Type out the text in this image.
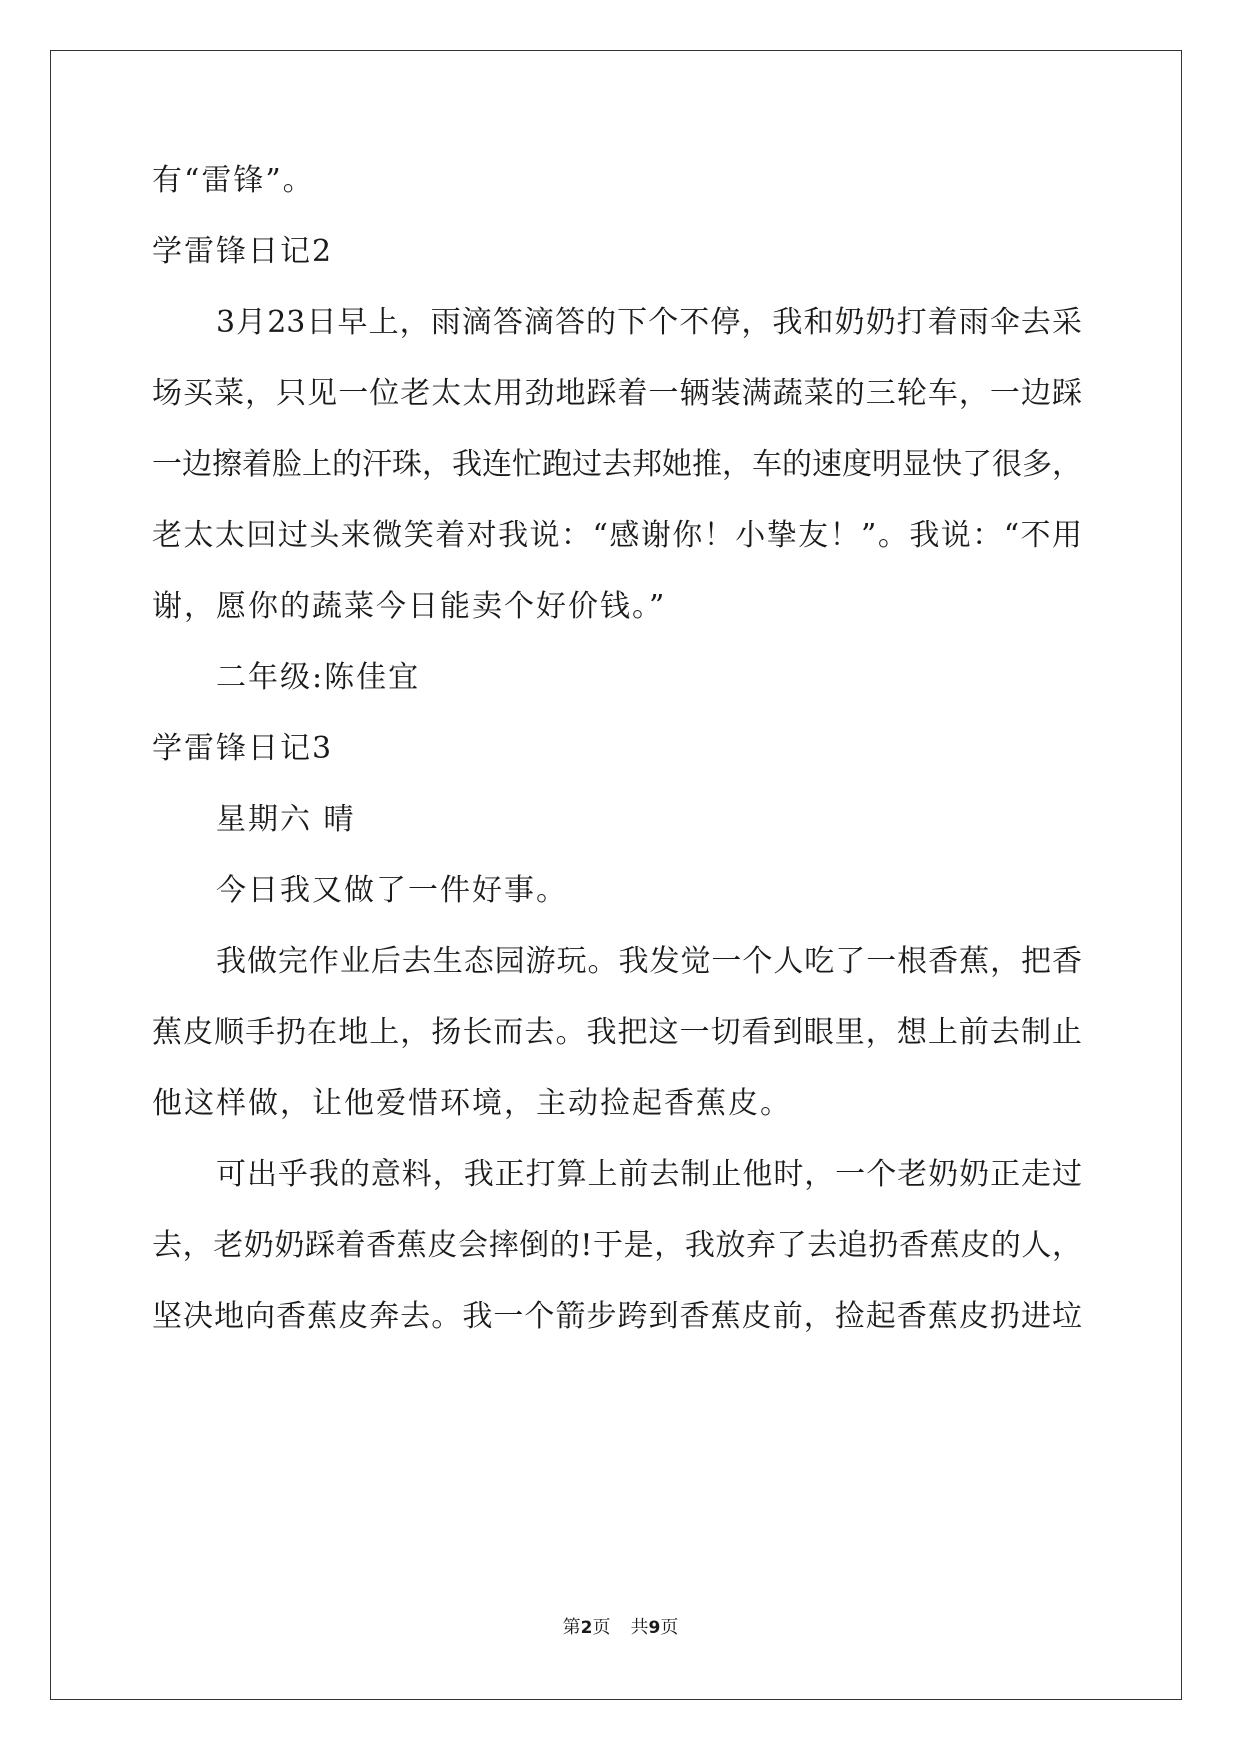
有“雷锋”。
学雷锋日记2
3月23日早上，雨滴答滴答的下个不停，我和奶奶打着雨伞去采
场买菜，只见一位老太太用劲地踩着一辆装满蔬菜的三轮车，一边踩
一边擦着脸上的汗珠，我连忙跑过去邦她推，车的速度明显快了很多，
老太太回过头来微笑着对我说：“感谢你！小挚友！”。我说：“不用
谢，愿你的蔬菜今日能卖个好价钱。”
二年级:陈佳宜
学雷锋日记3
星期六 晴
今日我又做了一件好事。
我做完作业后去生态园游玩。我发觉一个人吃了一根香蕉，把香
蕉皮顺手扔在地上，扬长而去。我把这一切看到眼里，想上前去制止
他这样做，让他爱惜环境，主动捡起香蕉皮。
可出乎我的意料，我正打算上前去制止他时，一个老奶奶正走过
去，老奶奶踩着香蕉皮会摔倒的!于是，我放弃了去追扔香蕉皮的人，
坚决地向香蕉皮奔去。我一个箭步跨到香蕉皮前，捡起香蕉皮扔进垃
第2页 共9页
